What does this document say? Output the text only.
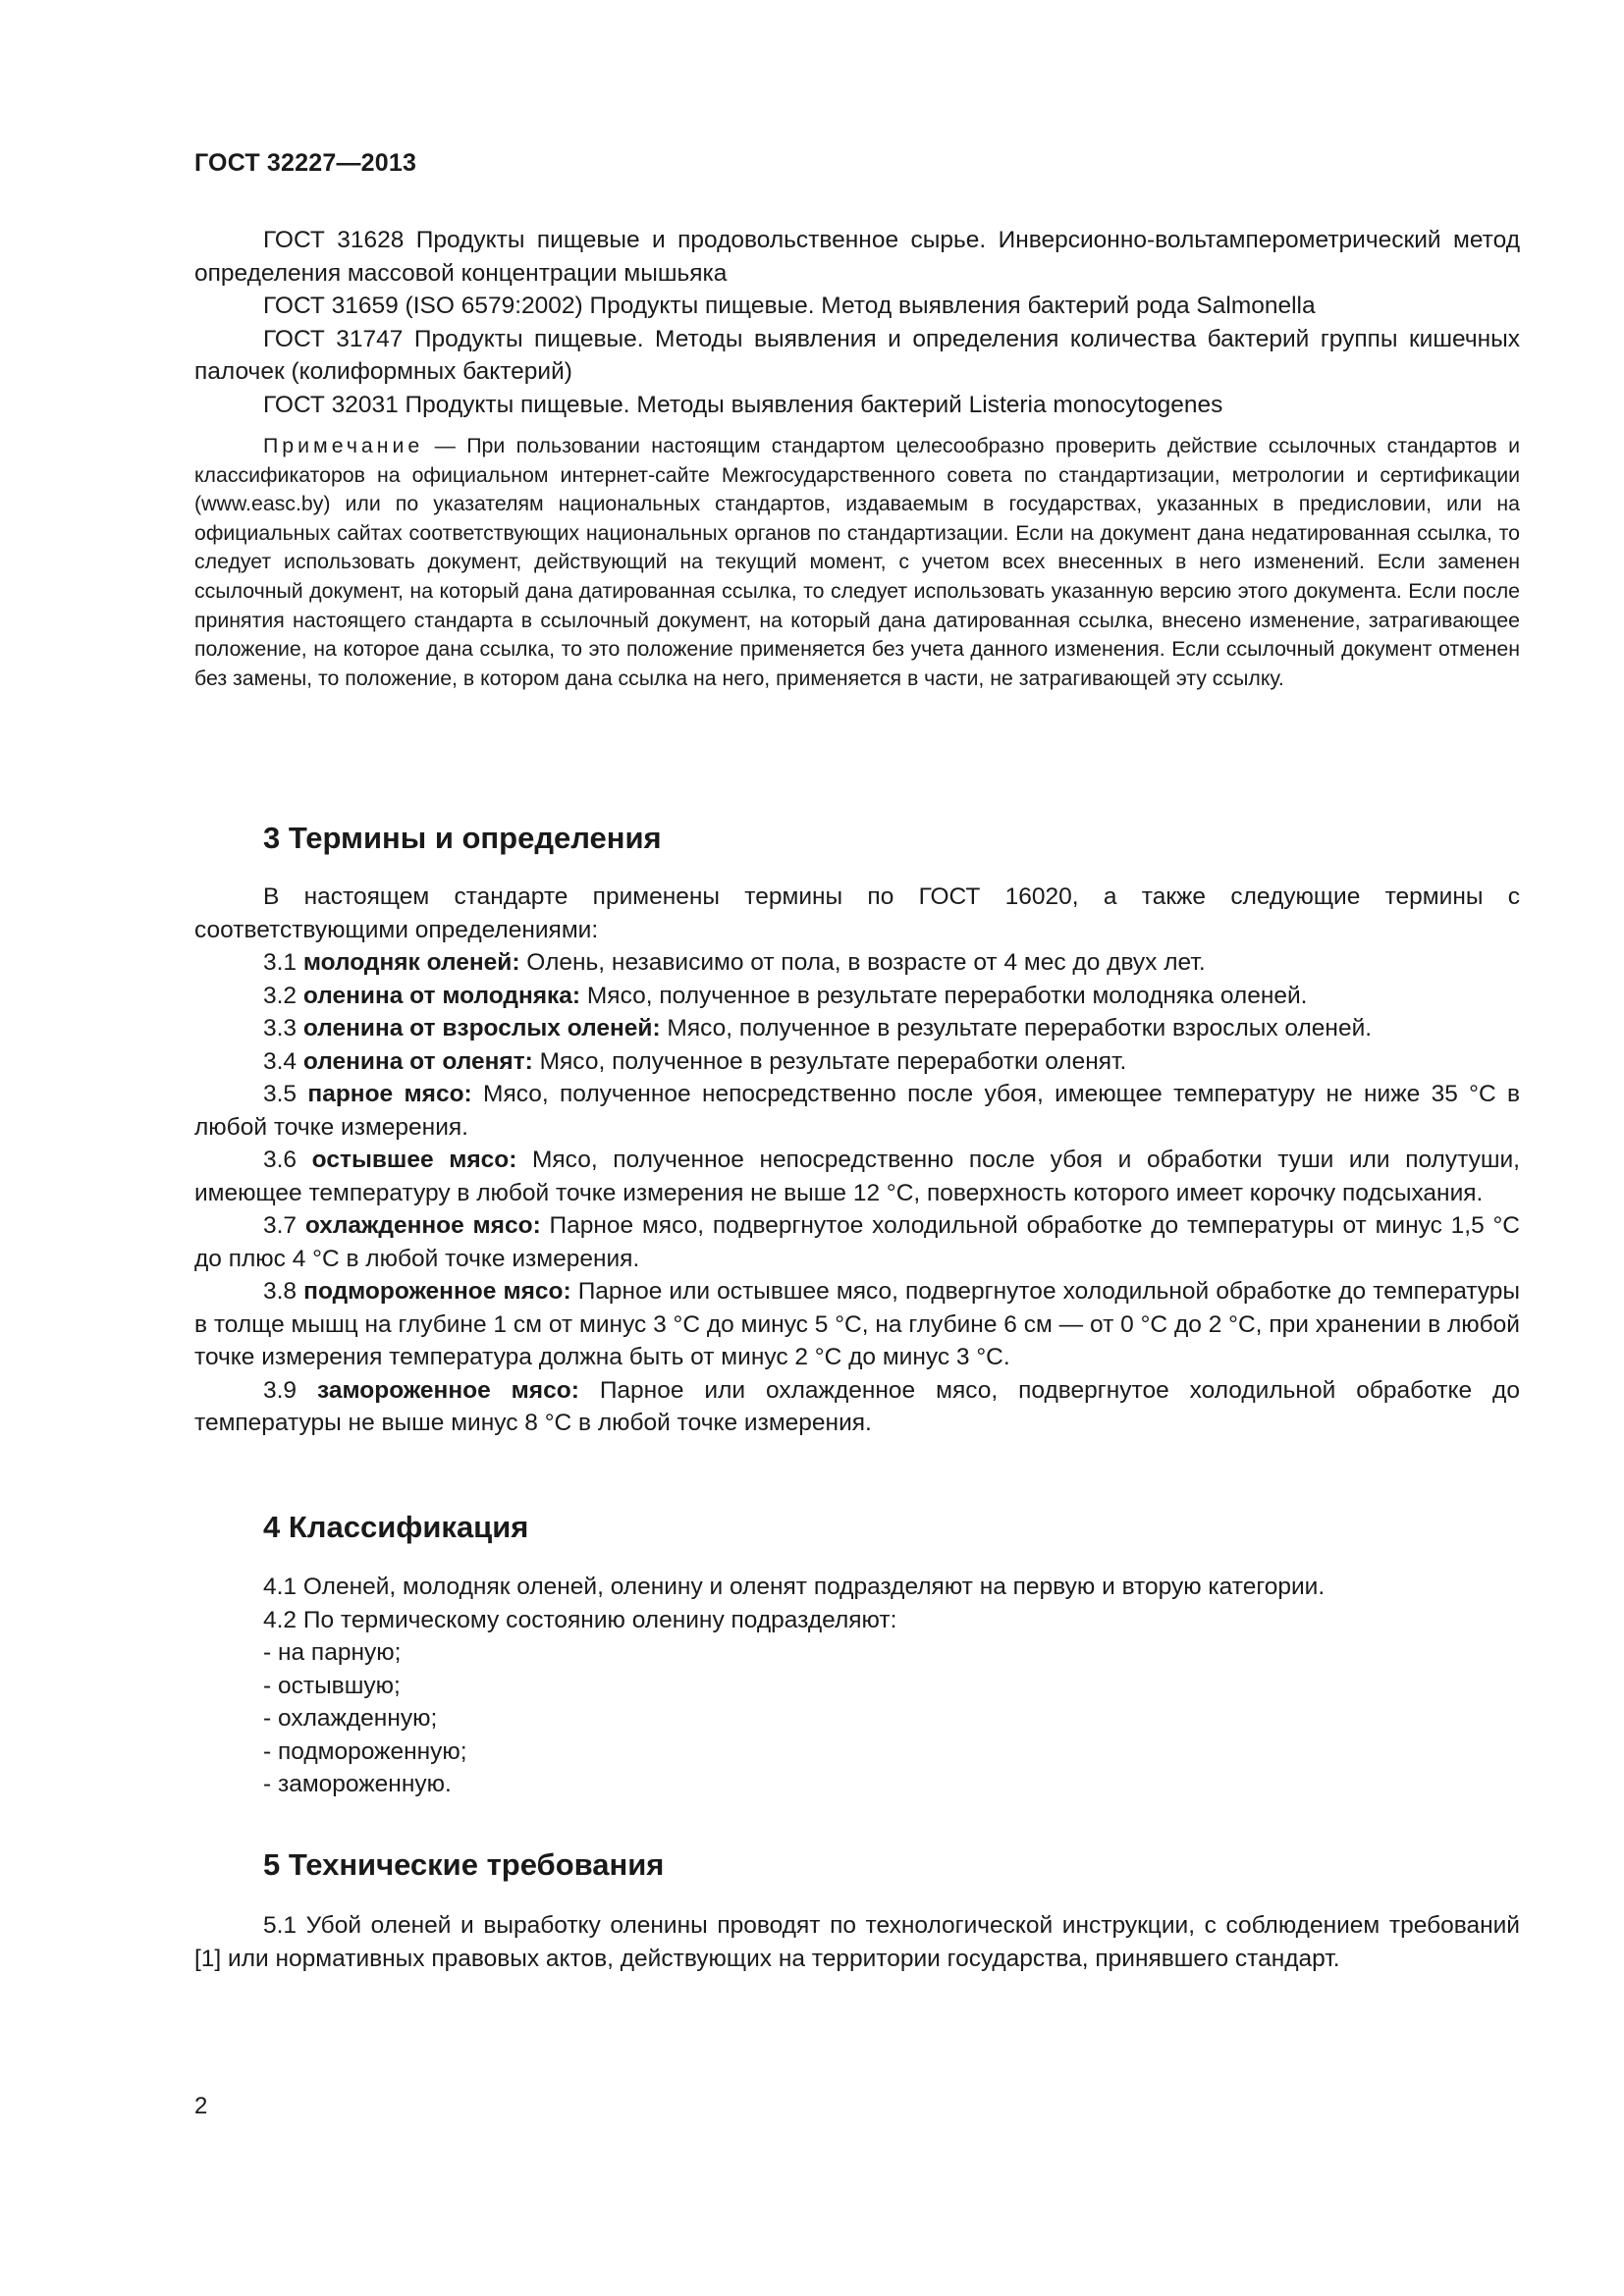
ГОСТ 32227—2013

ГОСТ 31628 Продукты пищевые и продовольственное сырье. Инверсионно-вольтамперометрический метод определения массовой концентрации мышьяка

ГОСТ 31659 (ISO 6579:2002) Продукты пищевые. Метод выявления бактерий рода Salmonella

ГОСТ 31747 Продукты пищевые. Методы выявления и определения количества бактерий группы кишечных палочек (колиформных бактерий)

ГОСТ 32031 Продукты пищевые. Методы выявления бактерий Listeria monocytogenes

Примечание — При пользовании настоящим стандартом целесообразно проверить действие ссылочных стандартов и классификаторов на официальном интернет-сайте Межгосударственного совета по стандартизации, метрологии и сертификации (www.easc.by) или по указателям национальных стандартов, издаваемым в государствах, указанных в предисловии, или на официальных сайтах соответствующих национальных органов по стандартизации. Если на документ дана недатированная ссылка, то следует использовать документ, действующий на текущий момент, с учетом всех внесенных в него изменений. Если заменен ссылочный документ, на который дана датированная ссылка, то следует использовать указанную версию этого документа. Если после принятия настоящего стандарта в ссылочный документ, на который дана датированная ссылка, внесено изменение, затрагивающее положение, на которое дана ссылка, то это положение применяется без учета данного изменения. Если ссылочный документ отменен без замены, то положение, в котором дана ссылка на него, применяется в части, не затрагивающей эту ссылку.

3 Термины и определения

В настоящем стандарте применены термины по ГОСТ 16020, а также следующие термины с соответствующими определениями:

3.1 молодняк оленей: Олень, независимо от пола, в возрасте от 4 мес до двух лет.

3.2 оленина от молодняка: Мясо, полученное в результате переработки молодняка оленей.

3.3 оленина от взрослых оленей: Мясо, полученное в результате переработки взрослых оленей.

3.4 оленина от оленят: Мясо, полученное в результате переработки оленят.

3.5 парное мясо: Мясо, полученное непосредственно после убоя, имеющее температуру не ниже 35 °С в любой точке измерения.

3.6 остывшее мясо: Мясо, полученное непосредственно после убоя и обработки туши или полутуши, имеющее температуру в любой точке измерения не выше 12 °С, поверхность которого имеет корочку подсыхания.

3.7 охлажденное мясо: Парное мясо, подвергнутое холодильной обработке до температуры от минус 1,5 °С до плюс 4 °С в любой точке измерения.

3.8 подмороженное мясо: Парное или остывшее мясо, подвергнутое холодильной обработке до температуры в толще мышц на глубине 1 см от минус 3 °С до минус 5 °С, на глубине 6 см — от 0 °С до 2 °С, при хранении в любой точке измерения температура должна быть от минус 2 °С до минус 3 °С.

3.9 замороженное мясо: Парное или охлажденное мясо, подвергнутое холодильной обработке до температуры не выше минус 8 °С в любой точке измерения.

4 Классификация

4.1 Оленей, молодняк оленей, оленину и оленят подразделяют на первую и вторую категории.

4.2 По термическому состоянию оленину подразделяют:

- на парную;

- остывшую;

- охлажденную;

- подмороженную;

- замороженную.

5 Технические требования

5.1 Убой оленей и выработку оленины проводят по технологической инструкции, с соблюдением требований [1] или нормативных правовых актов, действующих на территории государства, принявшего стандарт.

2
